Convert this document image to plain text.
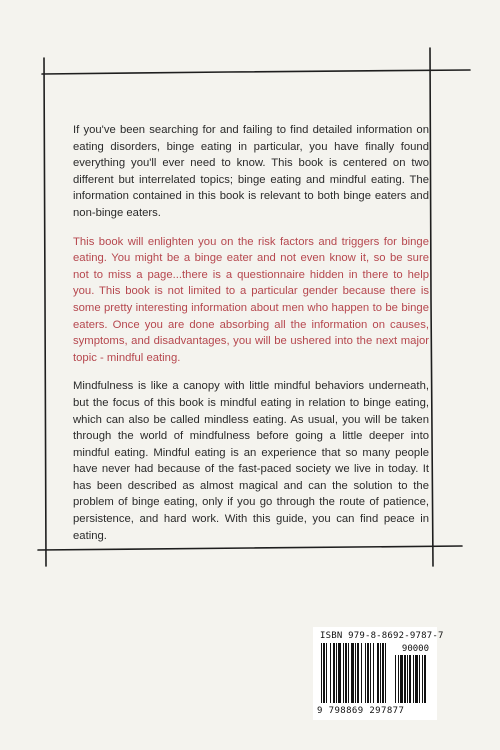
If you've been searching for and failing to find detailed information on eating disorders, binge eating in particular, you have finally found everything you'll ever need to know. This book is centered on two different but interrelated topics; binge eating and mindful eating. The information contained in this book is relevant to both binge eaters and non-binge eaters.

This book will enlighten you on the risk factors and triggers for binge eating. You might be a binge eater and not even know it, so be sure not to miss a page...there is a questionnaire hidden in there to help you. This book is not limited to a particular gender because there is some pretty interesting information about men who happen to be binge eaters. Once you are done absorbing all the information on causes, symptoms, and disadvantages, you will be ushered into the next major topic - mindful eating.

Mindfulness is like a canopy with little mindful behaviors underneath, but the focus of this book is mindful eating in relation to binge eating, which can also be called mindless eating. As usual, you will be taken through the world of mindfulness before going a little deeper into mindful eating. Mindful eating is an experience that so many people have never had because of the fast-paced society we live in today. It has been described as almost magical and can the solution to the problem of binge eating, only if you go through the route of patience, persistence, and hard work. With this guide, you can find peace in eating.

ISBN 979-8-8692-9787-7
90000
9 798869 297877
